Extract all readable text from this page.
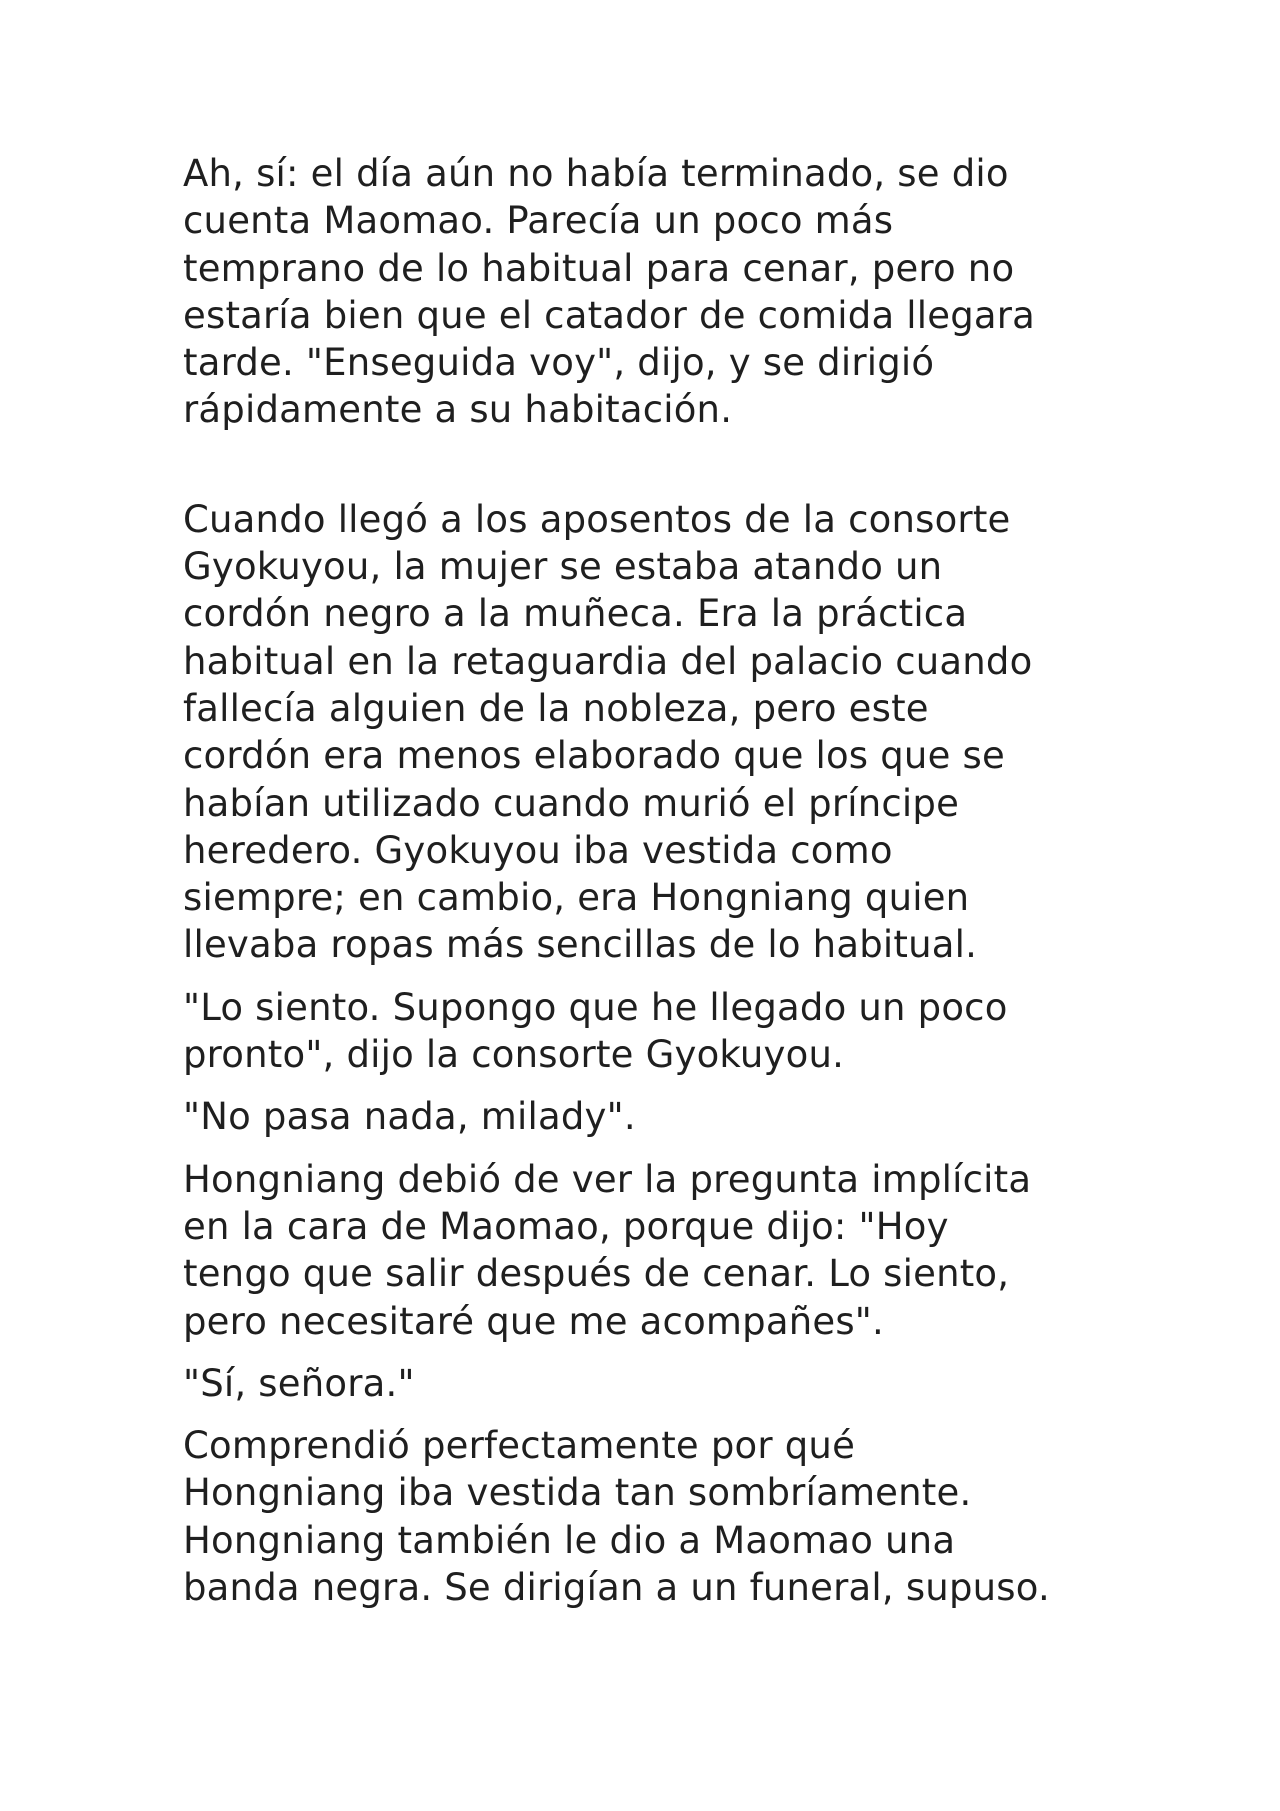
Ah, sí: el día aún no había terminado, se dio
cuenta Maomao. Parecía un poco más
temprano de lo habitual para cenar, pero no
estaría bien que el catador de comida llegara
tarde. "Enseguida voy", dijo, y se dirigió
rápidamente a su habitación.

Cuando llegó a los aposentos de la consorte
Gyokuyou, la mujer se estaba atando un
cordón negro a la muñeca. Era la práctica
habitual en la retaguardia del palacio cuando
fallecía alguien de la nobleza, pero este
cordón era menos elaborado que los que se
habían utilizado cuando murió el príncipe
heredero. Gyokuyou iba vestida como
siempre; en cambio, era Hongniang quien
llevaba ropas más sencillas de lo habitual.

"Lo siento. Supongo que he llegado un poco
pronto", dijo la consorte Gyokuyou.

"No pasa nada, milady".

Hongniang debió de ver la pregunta implícita
en la cara de Maomao, porque dijo: "Hoy
tengo que salir después de cenar. Lo siento,
pero necesitaré que me acompañes".

"Sí, señora."

Comprendió perfectamente por qué
Hongniang iba vestida tan sombríamente.
Hongniang también le dio a Maomao una
banda negra. Se dirigían a un funeral, supuso.
